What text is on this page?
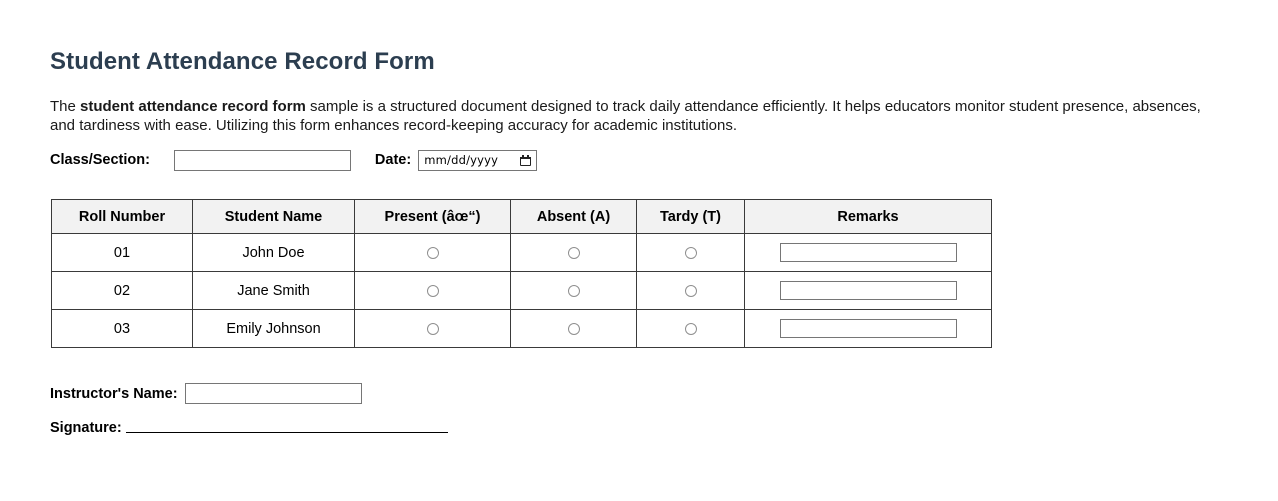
Student Attendance Record Form

The student attendance record form sample is a structured document designed to track daily attendance efficiently. It helps educators monitor student presence, absences, and tardiness with ease. Utilizing this form enhances record-keeping accuracy for academic institutions.

Class/Section:	Date: mm/dd/yyyy
Roll Number	Student Name	Present (âœ“)	Absent (A)	Tardy (T)	Remarks
01	John Doe				
02	Jane Smith				
03	Emily Johnson				
Instructor's Name:
Signature:
